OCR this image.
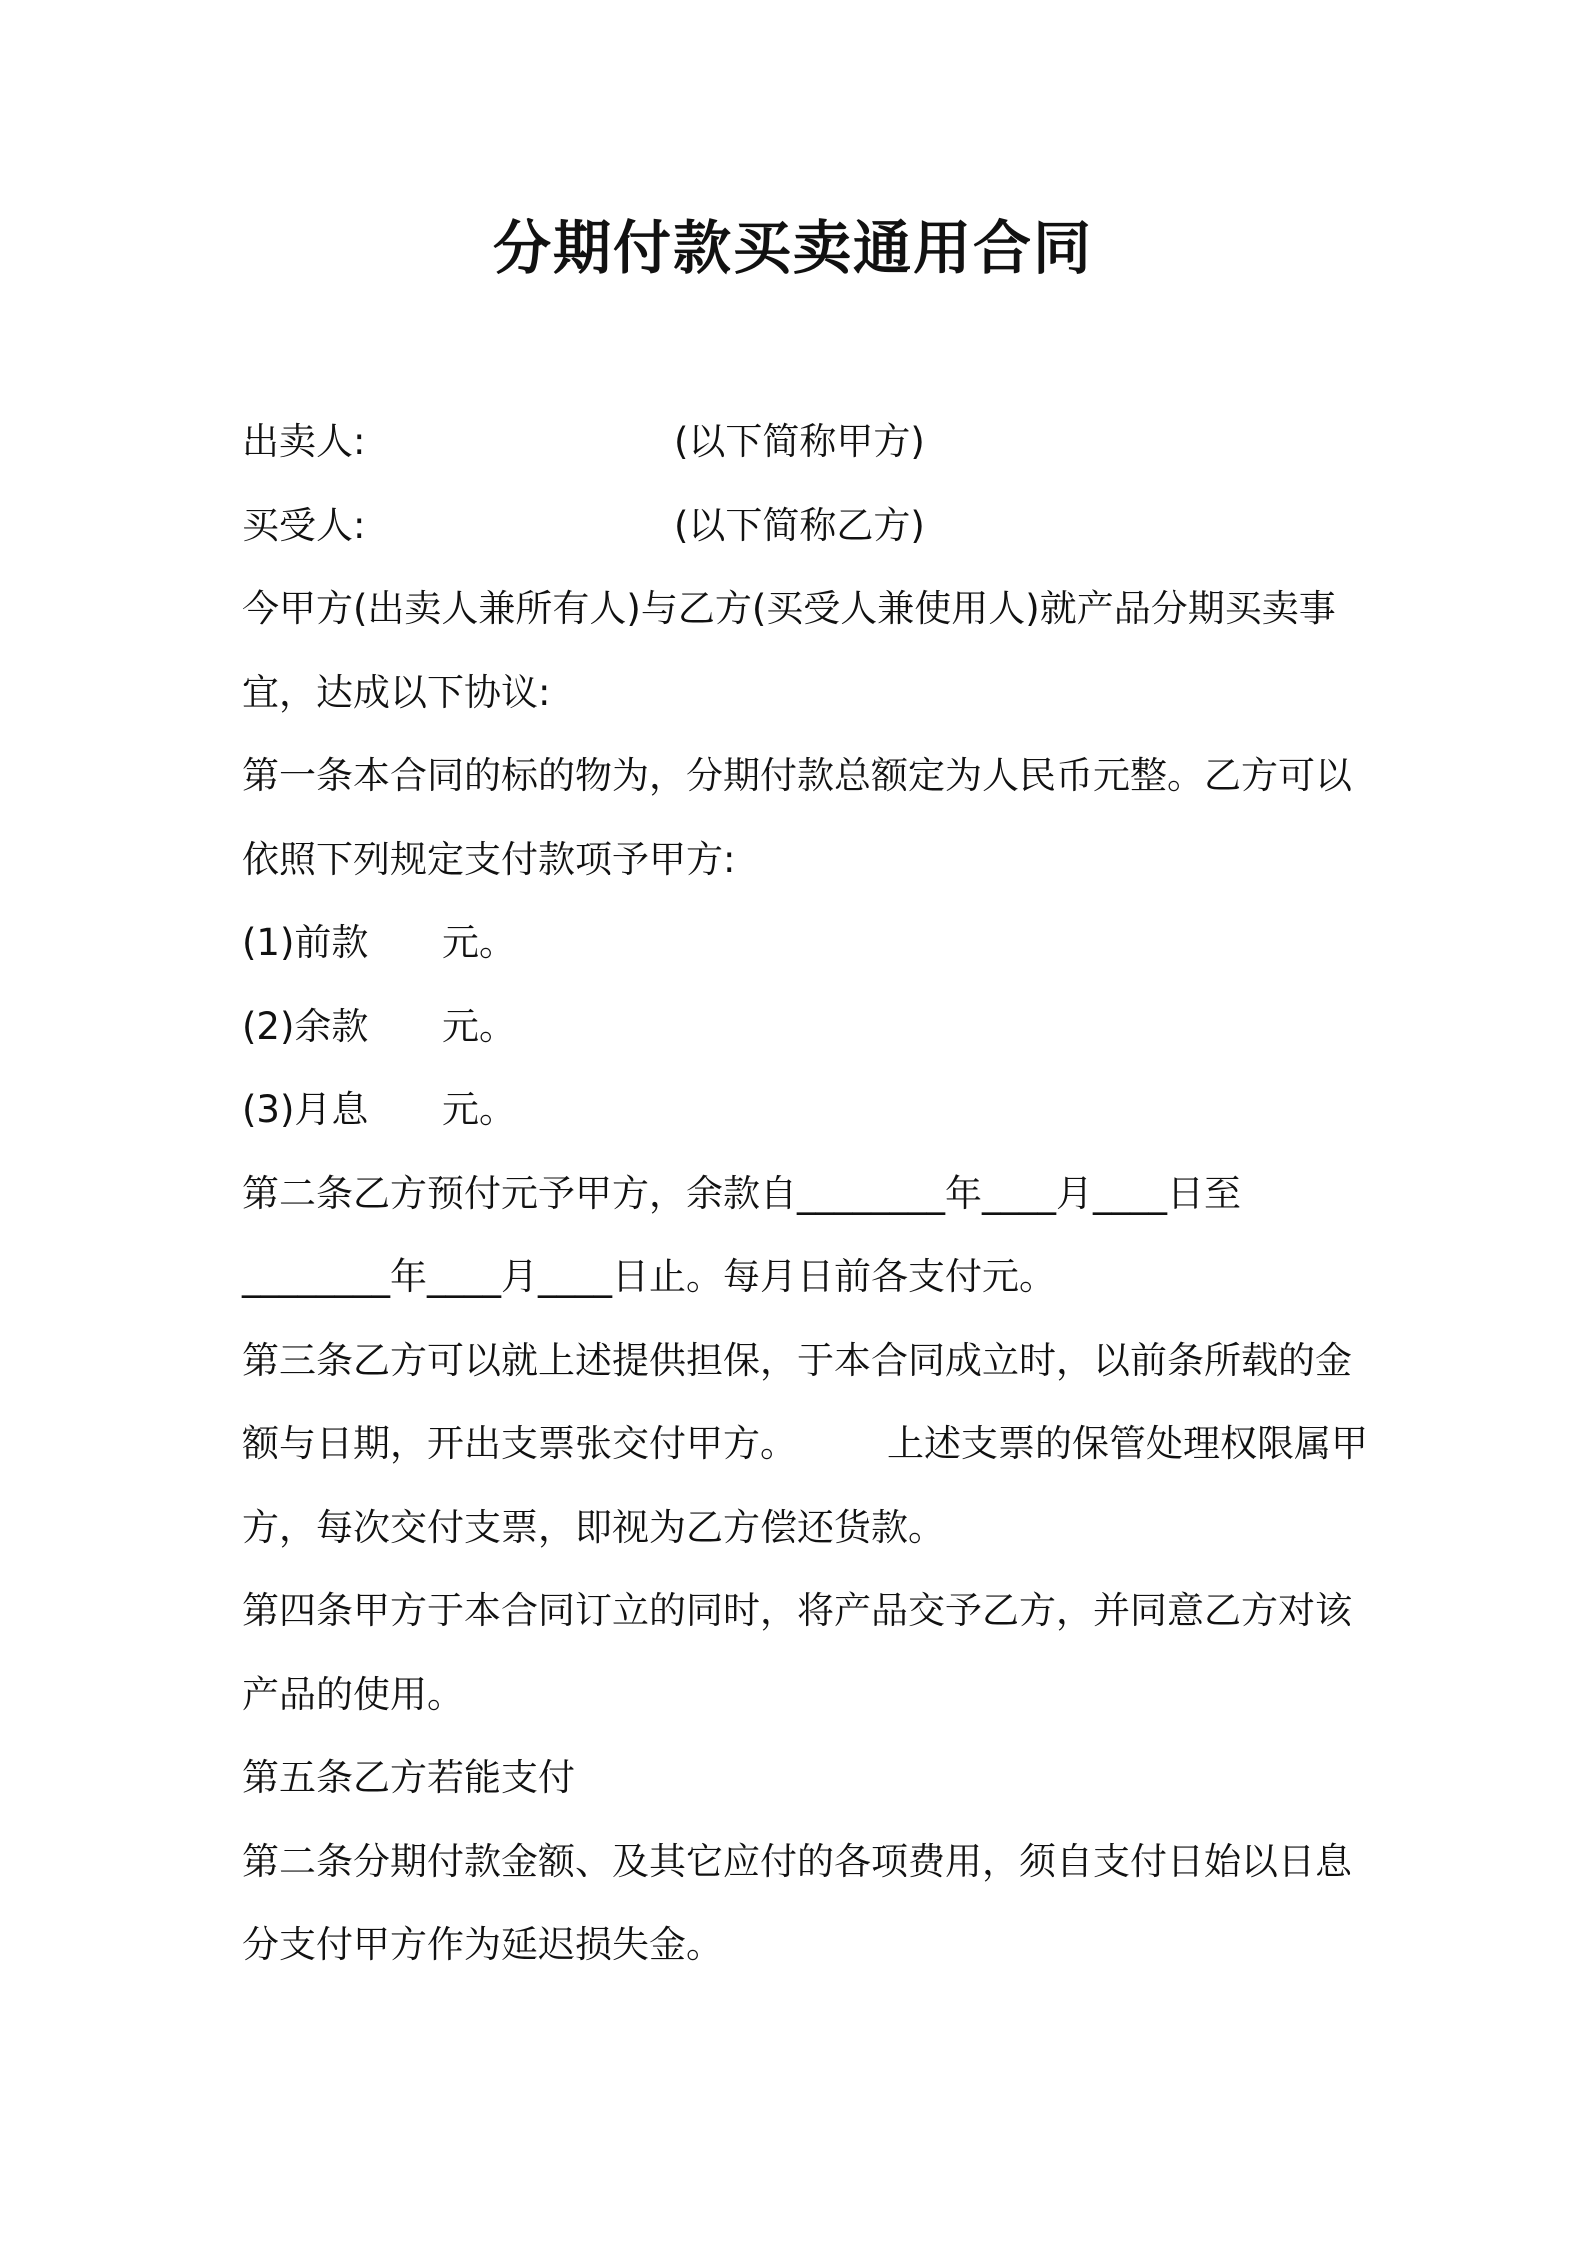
分期付款买卖通用合同
出卖人:	(以下简称甲方)
买受人:	(以下简称乙方)
今甲方(出卖人兼所有人)与乙方(买受人兼使用人)就产品分期买卖事
宜，达成以下协议:
第一条本合同的标的物为，分期付款总额定为人民币元整。乙方可以
依照下列规定支付款项予甲方:
(1)前款 元。
(2)余款 元。
(3)月息 元。
第二条乙方预付元予甲方，余款自________年____月____日至
________年____月____日止。每月日前各支付元。
第三条乙方可以就上述提供担保，于本合同成立时，以前条所载的金
额与日期，开出支票张交付甲方。 上述支票的保管处理权限属甲
方，每次交付支票，即视为乙方偿还货款。
第四条甲方于本合同订立的同时，将产品交予乙方，并同意乙方对该
产品的使用。
第五条乙方若能支付
第二条分期付款金额、及其它应付的各项费用，须自支付日始以日息
分支付甲方作为延迟损失金。
